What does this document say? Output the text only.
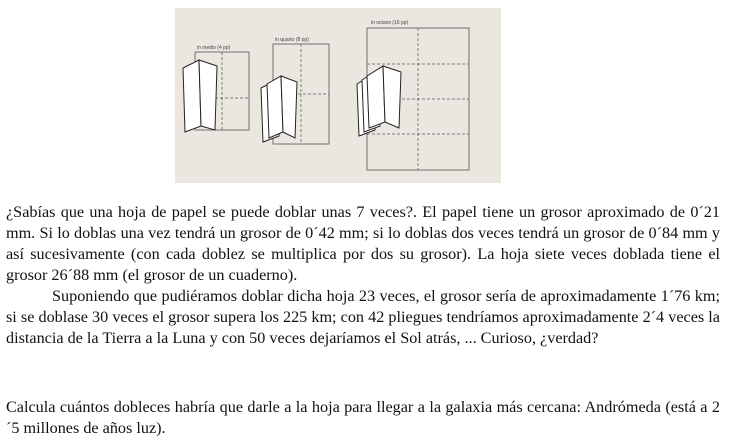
in medio (4 pp)
in quarto (8 pp)
in octavo (16 pp)

¿Sabías que una hoja de papel se puede doblar unas 7 veces?. El papel tiene un grosor aproximado de 0´21 mm. Si lo doblas una vez tendrá un grosor de 0´42 mm; si lo doblas dos veces tendrá un grosor de 0´84 mm y así sucesivamente (con cada doblez se multiplica por dos su grosor). La hoja siete veces doblada tiene el grosor 26´88 mm (el grosor de un cuaderno).

Suponiendo que pudiéramos doblar dicha hoja 23 veces, el grosor sería de aproximadamente 1´76 km; si se doblase 30 veces el grosor supera los 225 km; con 42 pliegues tendríamos aproximadamente 2´4 veces la distancia de la Tierra a la Luna y con 50 veces dejaríamos el Sol atrás, ... Curioso, ¿verdad?

Calcula cuántos dobleces habría que darle a la hoja para llegar a la galaxia más cercana: Andrómeda (está a 2´5 millones de años luz).
